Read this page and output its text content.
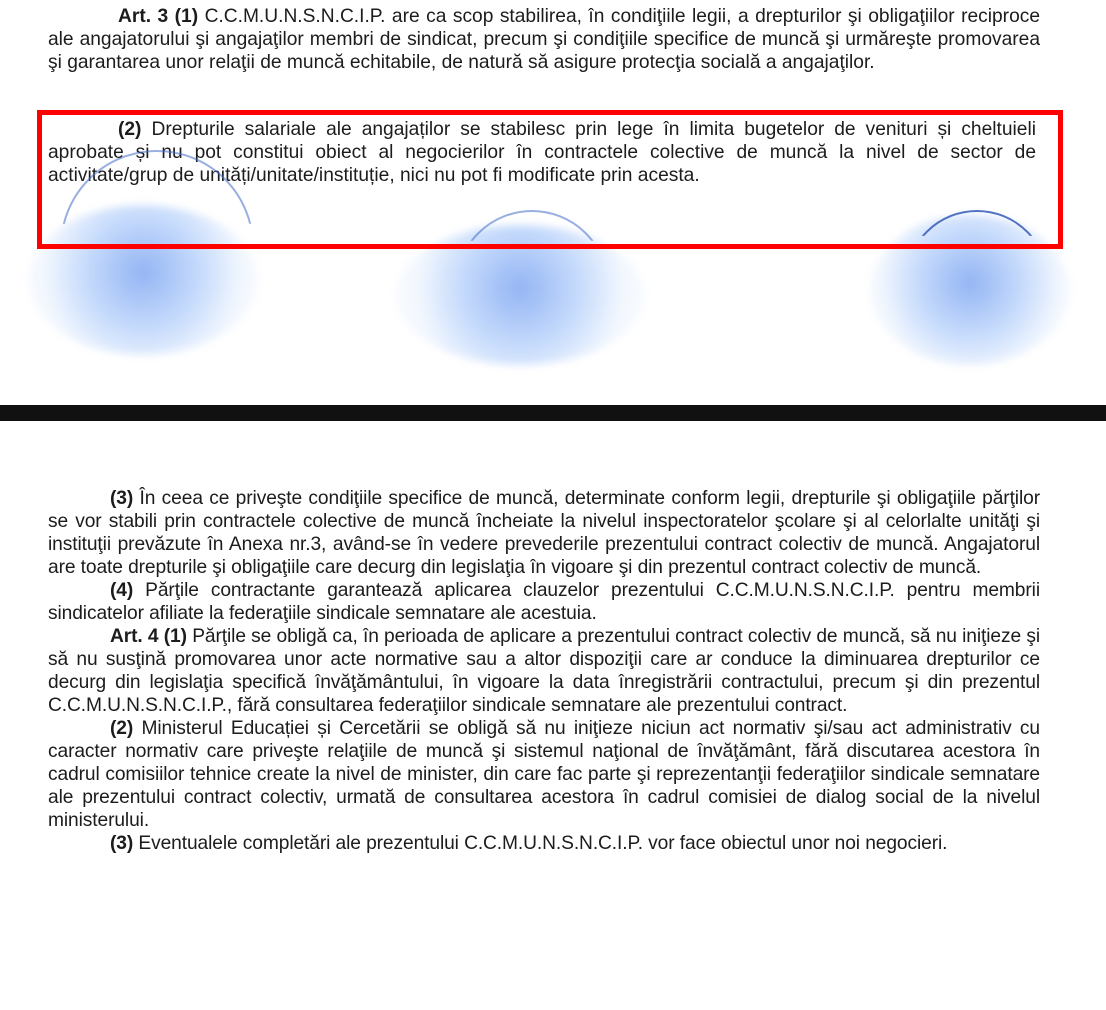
Art. 3 (1) C.C.M.U.N.S.N.C.I.P. are ca scop stabilirea, în condiţiile legii, a drepturilor şi obligaţiilor reciproce ale angajatorului şi angajaţilor membri de sindicat, precum şi condiţiile specifice de muncă şi urmăreşte promovarea şi garantarea unor relaţii de muncă echitabile, de natură să asigure protecţia socială a angajaţilor.

(2) Drepturile salariale ale angajaților se stabilesc prin lege în limita bugetelor de venituri și cheltuieli aprobate și nu pot constitui obiect al negocierilor în contractele colective de muncă la nivel de sector de activitate/grup de unități/unitate/instituție, nici nu pot fi modificate prin acesta.

(3) În ceea ce priveşte condiţiile specifice de muncă, determinate conform legii, drepturile şi obligaţiile părţilor se vor stabili prin contractele colective de muncă încheiate la nivelul inspectoratelor şcolare şi al celorlalte unităţi şi instituţii prevăzute în Anexa nr.3, având-se în vedere prevederile prezentului contract colectiv de muncă. Angajatorul are toate drepturile şi obligaţiile care decurg din legislaţia în vigoare şi din prezentul contract colectiv de muncă.

(4) Părţile contractante garantează aplicarea clauzelor prezentului C.C.M.U.N.S.N.C.I.P. pentru membrii sindicatelor afiliate la federaţiile sindicale semnatare ale acestuia.

Art. 4 (1) Părţile se obligă ca, în perioada de aplicare a prezentului contract colectiv de muncă, să nu iniţieze şi să nu susţină promovarea unor acte normative sau a altor dispoziţii care ar conduce la diminuarea drepturilor ce decurg din legislaţia specifică învăţământului, în vigoare la data înregistrării contractului, precum şi din prezentul C.C.M.U.N.S.N.C.I.P., fără consultarea federaţiilor sindicale semnatare ale prezentului contract.

(2) Ministerul Educației și Cercetării se obligă să nu iniţieze niciun act normativ şi/sau act administrativ cu caracter normativ care priveşte relaţiile de muncă şi sistemul naţional de învăţământ, fără discutarea acestora în cadrul comisiilor tehnice create la nivel de minister, din care fac parte şi reprezentanţii federaţiilor sindicale semnatare ale prezentului contract colectiv, urmată de consultarea acestora în cadrul comisiei de dialog social de la nivelul ministerului.

(3) Eventualele completări ale prezentului C.C.M.U.N.S.N.C.I.P. vor face obiectul unor noi negocieri.
